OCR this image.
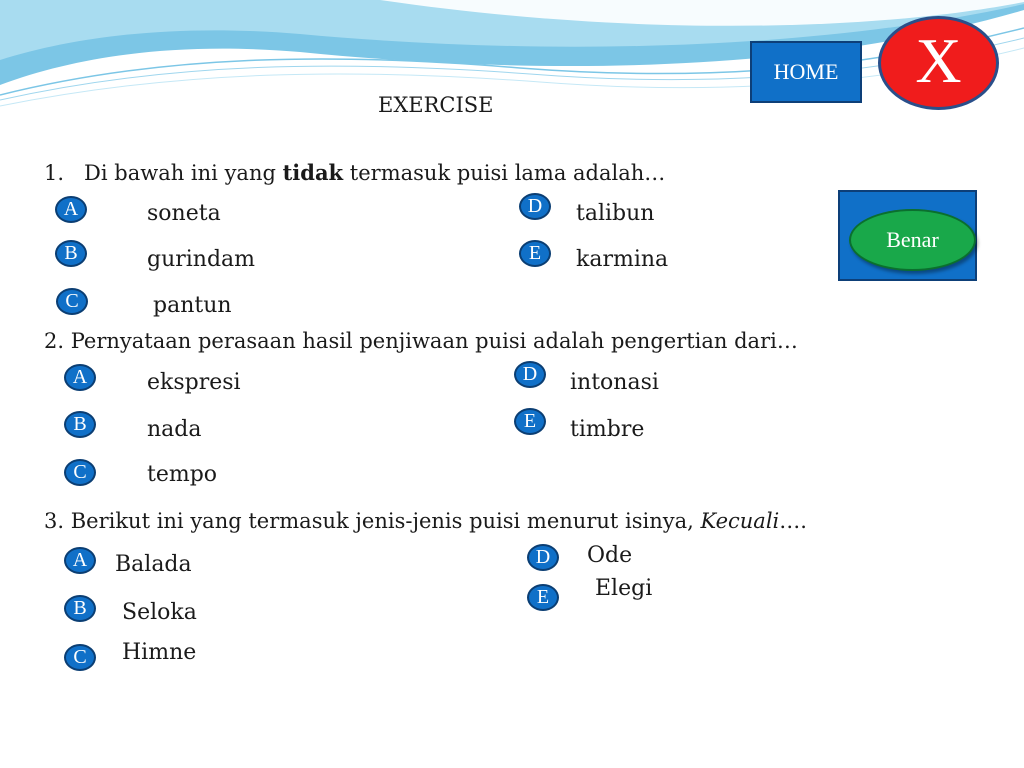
HOME	X
EXERCISE
1. Di bawah ini yang tidak termasuk puisi lama adalah…
A	soneta
B	gurindam
C	pantun
D	talibun
E	karmina
Benar
2. Pernyataan perasaan hasil penjiwaan puisi adalah pengertian dari…
A	ekspresi
B	nada
C	tempo
D	intonasi
E	timbre
3. Berikut ini yang termasuk jenis-jenis puisi menurut isinya, Kecuali….
A	Balada
B	Seloka
C	Himne
D	Ode
E	Elegi
